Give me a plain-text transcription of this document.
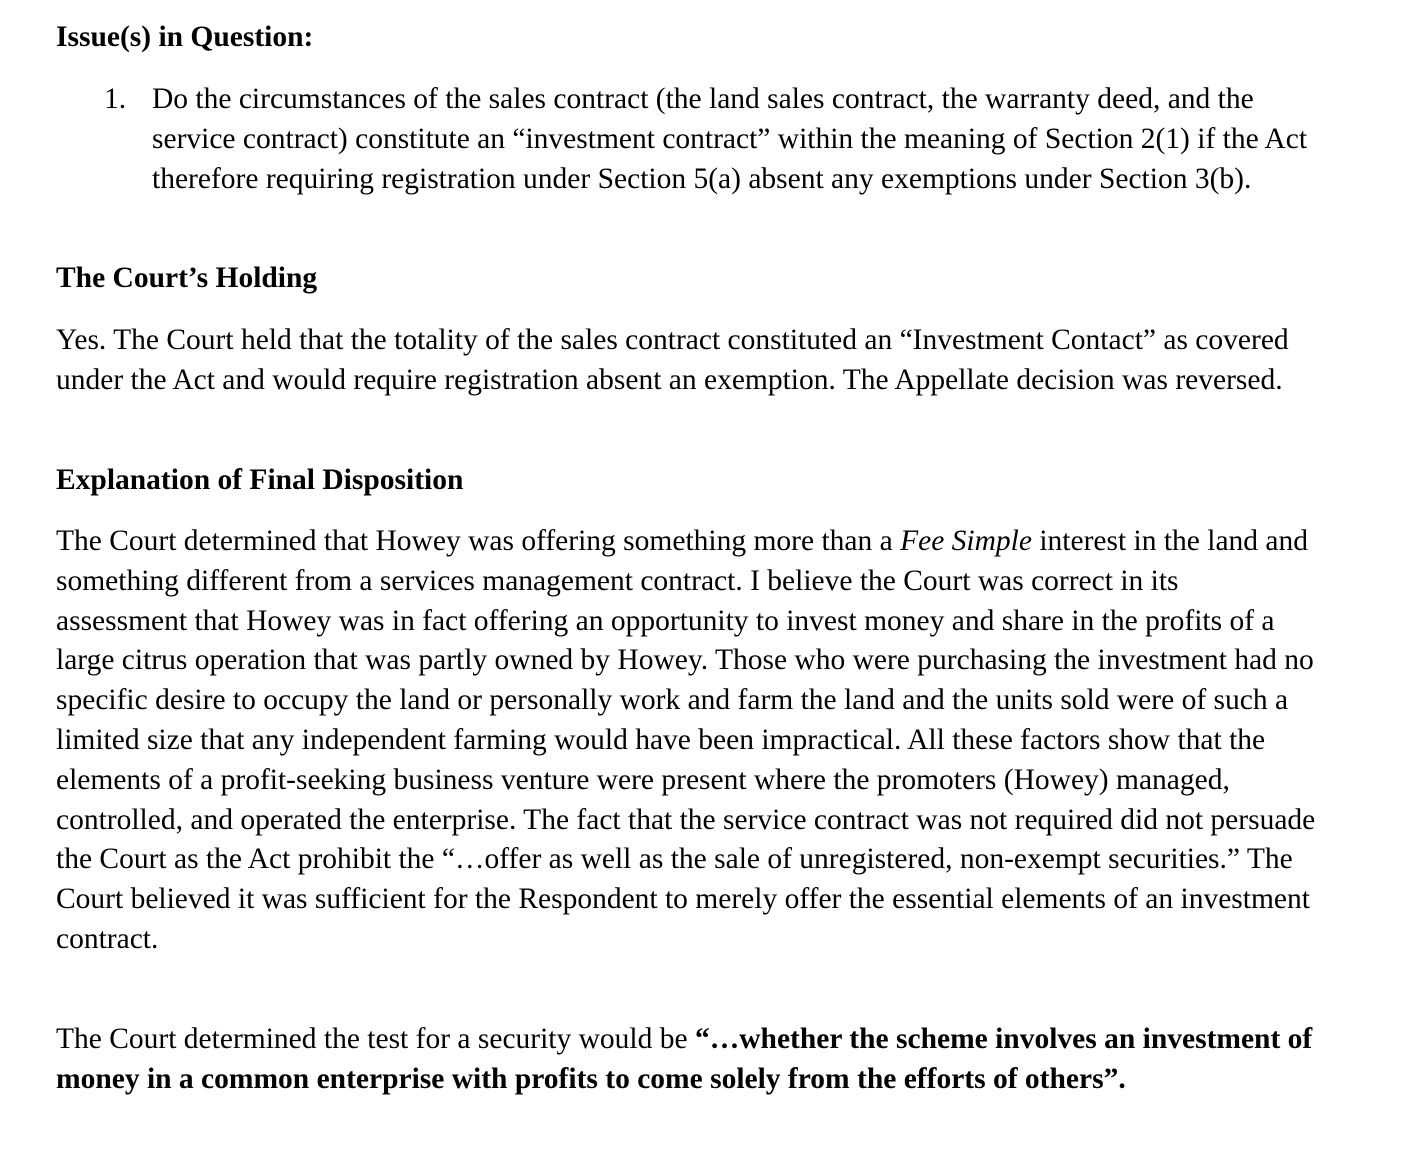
Issue(s) in Question:
1. Do the circumstances of the sales contract (the land sales contract, the warranty deed, and the service contract) constitute an “investment contract” within the meaning of Section 2(1) if the Act therefore requiring registration under Section 5(a) absent any exemptions under Section 3(b).
The Court’s Holding
Yes. The Court held that the totality of the sales contract constituted an “Investment Contact” as covered under the Act and would require registration absent an exemption. The Appellate decision was reversed.
Explanation of Final Disposition
The Court determined that Howey was offering something more than a Fee Simple interest in the land and something different from a services management contract. I believe the Court was correct in its assessment that Howey was in fact offering an opportunity to invest money and share in the profits of a large citrus operation that was partly owned by Howey. Those who were purchasing the investment had no specific desire to occupy the land or personally work and farm the land and the units sold were of such a limited size that any independent farming would have been impractical. All these factors show that the elements of a profit-seeking business venture were present where the promoters (Howey) managed, controlled, and operated the enterprise. The fact that the service contract was not required did not persuade the Court as the Act prohibit the “…offer as well as the sale of unregistered, non-exempt securities.” The Court believed it was sufficient for the Respondent to merely offer the essential elements of an investment contract.
The Court determined the test for a security would be “…whether the scheme involves an investment of money in a common enterprise with profits to come solely from the efforts of others”.
